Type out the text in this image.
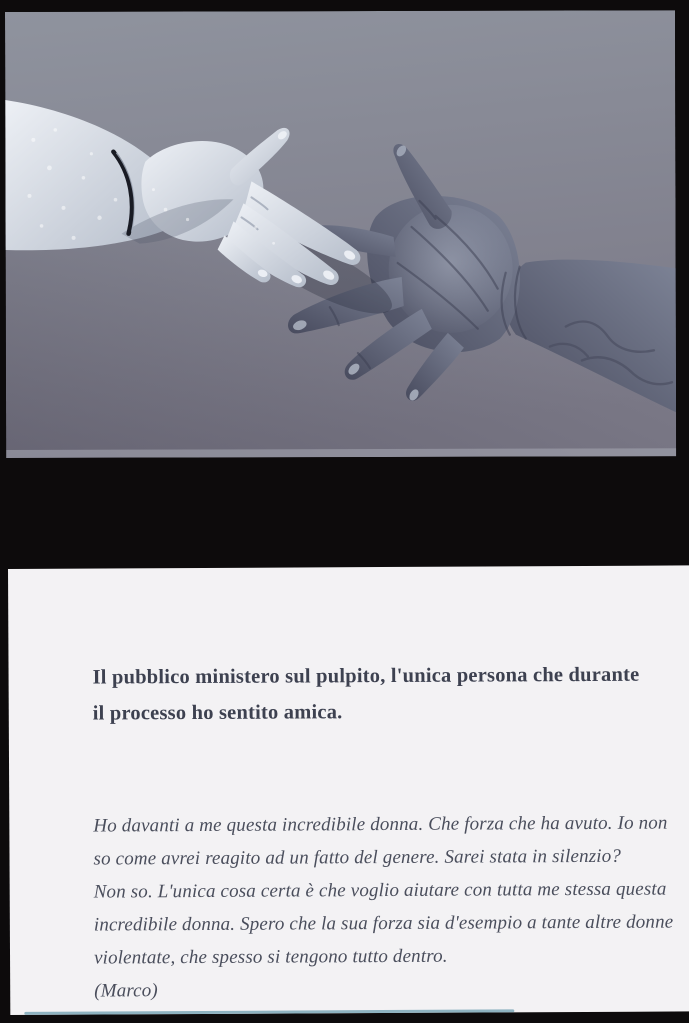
Il pubblico ministero sul pulpito, l'unica persona che durante
il processo ho sentito amica.
Ho davanti a me questa incredibile donna. Che forza che ha avuto. Io non
so come avrei reagito ad un fatto del genere. Sarei stata in silenzio?
Non so. L'unica cosa certa è che voglio aiutare con tutta me stessa questa
incredibile donna. Spero che la sua forza sia d'esempio a tante altre donne
violentate, che spesso si tengono tutto dentro.
(Marco)
